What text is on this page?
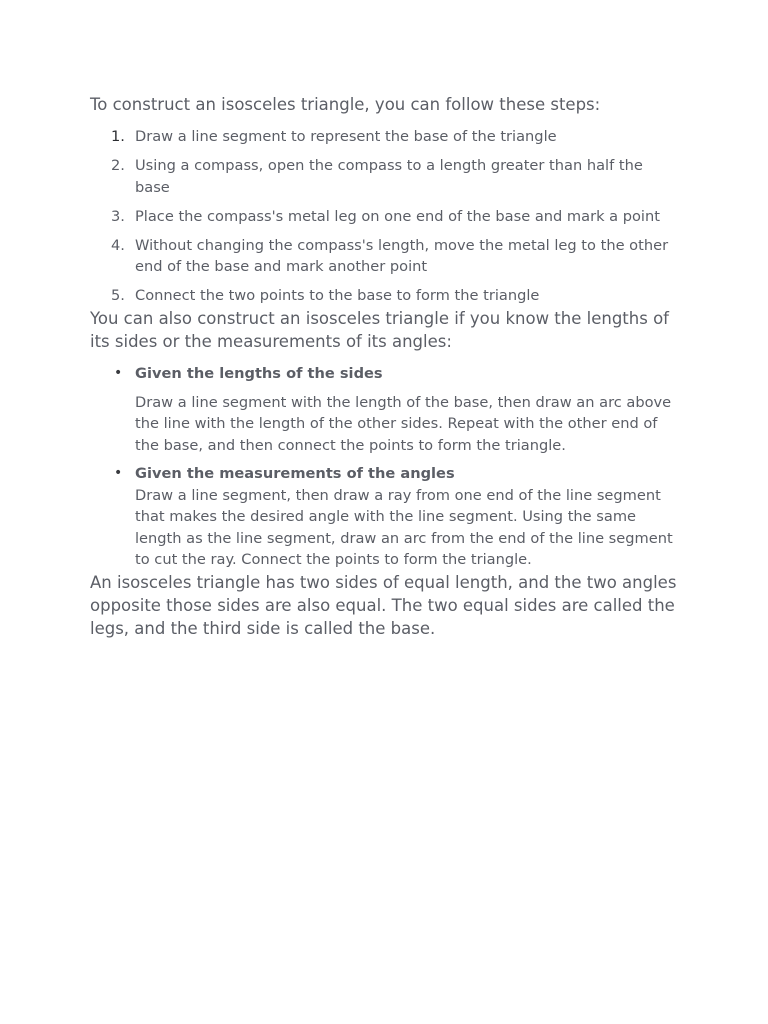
To construct an isosceles triangle, you can follow these steps:

1. Draw a line segment to represent the base of the triangle
2. Using a compass, open the compass to a length greater than half the base
3. Place the compass's metal leg on one end of the base and mark a point
4. Without changing the compass's length, move the metal leg to the other end of the base and mark another point
5. Connect the two points to the base to form the triangle

You can also construct an isosceles triangle if you know the lengths of its sides or the measurements of its angles:

• Given the lengths of the sides
Draw a line segment with the length of the base, then draw an arc above the line with the length of the other sides. Repeat with the other end of the base, and then connect the points to form the triangle.
• Given the measurements of the angles
Draw a line segment, then draw a ray from one end of the line segment that makes the desired angle with the line segment. Using the same length as the line segment, draw an arc from the end of the line segment to cut the ray. Connect the points to form the triangle.

An isosceles triangle has two sides of equal length, and the two angles opposite those sides are also equal. The two equal sides are called the legs, and the third side is called the base.
